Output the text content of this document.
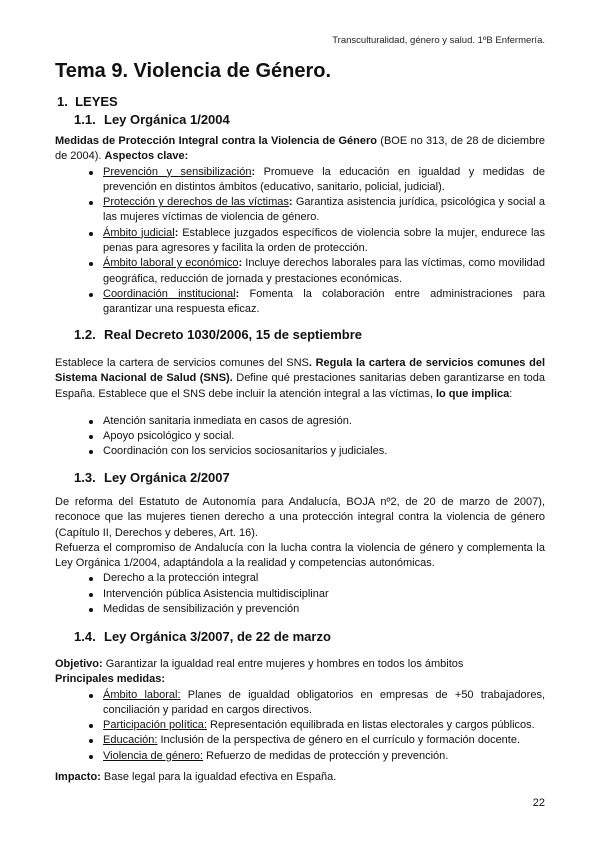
Transculturalidad, género y salud. 1ºB Enfermería.
Tema 9. Violencia de Género.
1. LEYES
1.1. Ley Orgánica 1/2004

Medidas de Protección Integral contra la Violencia de Género (BOE no 313, de 28 de diciembre de 2004). Aspectos clave:

Prevención y sensibilización: Promueve la educación en igualdad y medidas de prevención en distintos ámbitos (educativo, sanitario, policial, judicial).
Protección y derechos de las víctimas: Garantiza asistencia jurídica, psicológica y social a las mujeres víctimas de violencia de género.
Ámbito judicial: Establece juzgados específicos de violencia sobre la mujer, endurece las penas para agresores y facilita la orden de protección.
Ámbito laboral y económico: Incluye derechos laborales para las víctimas, como movilidad geográfica, reducción de jornada y prestaciones económicas.
Coordinación institucional: Fomenta la colaboración entre administraciones para garantizar una respuesta eficaz.
1.2. Real Decreto 1030/2006, 15 de septiembre

Establece la cartera de servicios comunes del SNS. Regula la cartera de servicios comunes del Sistema Nacional de Salud (SNS). Define qué prestaciones sanitarias deben garantizarse en toda España. Establece que el SNS debe incluir la atención integral a las víctimas, lo que implica:

Atención sanitaria inmediata en casos de agresión.
Apoyo psicológico y social.
Coordinación con los servicios sociosanitarios y judiciales.
1.3. Ley Orgánica 2/2007

De reforma del Estatuto de Autonomía para Andalucía, BOJA nº2, de 20 de marzo de 2007), reconoce que las mujeres tienen derecho a una protección integral contra la violencia de género (Capítulo II, Derechos y deberes, Art. 16).

Refuerza el compromiso de Andalucía con la lucha contra la violencia de género y complementa la Ley Orgánica 1/2004, adaptándola a la realidad y competencias autonómicas.

Derecho a la protección integral
Intervención pública Asistencia multidisciplinar
Medidas de sensibilización y prevención
1.4. Ley Orgánica 3/2007, de 22 de marzo

Objetivo: Garantizar la igualdad real entre mujeres y hombres en todos los ámbitos

Principales medidas:

Ámbito laboral: Planes de igualdad obligatorios en empresas de +50 trabajadores, conciliación y paridad en cargos directivos.
Participación política: Representación equilibrada en listas electorales y cargos públicos.
Educación: Inclusión de la perspectiva de género en el currículo y formación docente.
Violencia de género: Refuerzo de medidas de protección y prevención.

Impacto: Base legal para la igualdad efectiva en España.

22
